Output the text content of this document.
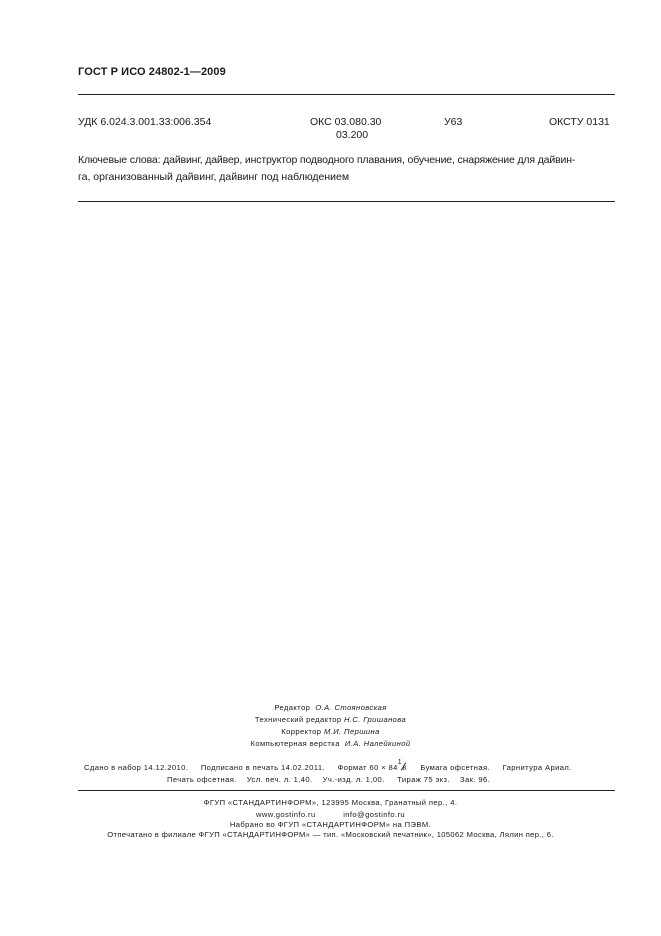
ГОСТ Р ИСО 24802-1—2009
УДК 6.024.3.001.33:006.354	ОКС 03.080.30
03.200
У63	ОКСТУ 0131
Ключевые слова: дайвинг, дайвер, инструктор подводного плавания, обучение, снаряжение для дайвин-
га, организованный дайвинг, дайвинг под наблюдением
Редактор О.А. Стояновская
Технический редактор Н.С. Гришанова
Корректор М.И. Першина
Компьютерная верстка И.А. Налейкиной
Сдано в набор 14.12.2010. Подписано в печать 14.02.2011. Формат 60 × 84
1
8 Бумага офсетная. Гарнитура Ариал.
Печать офсетная. Усл. печ. л. 1,40. Уч.-изд. л. 1,00. Тираж 75 экз. Зак. 96.
ФГУП «СТАНДАРТИНФОРМ», 123995 Москва, Гранатный пер., 4.
www.gostinfo.ru	info@gostinfo.ru
Набрано во ФГУП «СТАНДАРТИНФОРМ» на ПЭВМ.
Отпечатано в филиале ФГУП «СТАНДАРТИНФОРМ» — тип. «Московский печатник», 105062 Москва, Лялин пер., 6.
